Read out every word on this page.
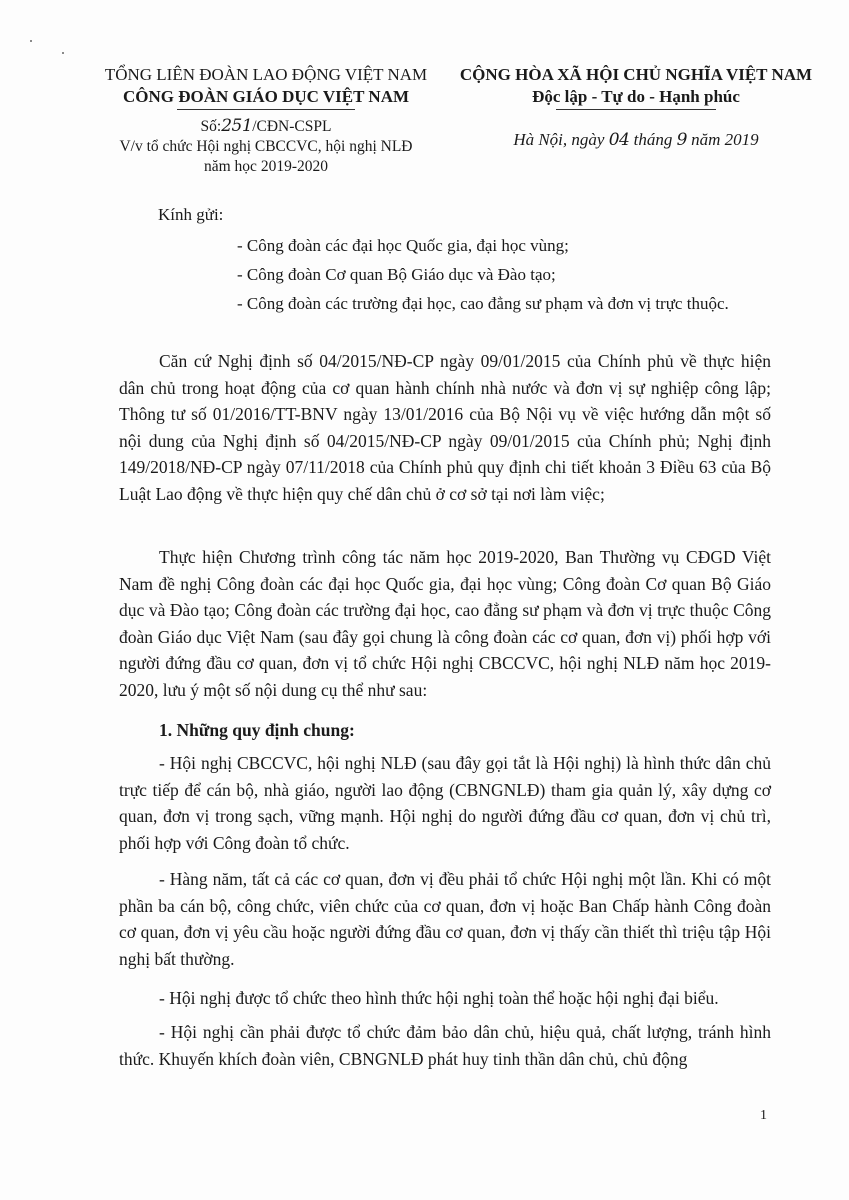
TỔNG LIÊN ĐOÀN LAO ĐỘNG VIỆT NAM
CÔNG ĐOÀN GIÁO DỤC VIỆT NAM
CỘNG HÒA XÃ HỘI CHỦ NGHĨA VIỆT NAM
Độc lập - Tự do - Hạnh phúc
Số:251/CĐN-CSPL
V/v tổ chức Hội nghị CBCCVC, hội nghị NLĐ
năm học 2019-2020
Hà Nội, ngày 04 tháng 9 năm 2019
Kính gửi:
- Công đoàn các đại học Quốc gia, đại học vùng;
- Công đoàn Cơ quan Bộ Giáo dục và Đào tạo;
- Công đoàn các trường đại học, cao đẳng sư phạm và đơn vị trực thuộc.

Căn cứ Nghị định số 04/2015/NĐ-CP ngày 09/01/2015 của Chính phủ về thực hiện dân chủ trong hoạt động của cơ quan hành chính nhà nước và đơn vị sự nghiệp công lập; Thông tư số 01/2016/TT-BNV ngày 13/01/2016 của Bộ Nội vụ về việc hướng dẫn một số nội dung của Nghị định số 04/2015/NĐ-CP ngày 09/01/2015 của Chính phủ; Nghị định 149/2018/NĐ-CP ngày 07/11/2018 của Chính phủ quy định chi tiết khoản 3 Điều 63 của Bộ Luật Lao động về thực hiện quy chế dân chủ ở cơ sở tại nơi làm việc;

Thực hiện Chương trình công tác năm học 2019-2020, Ban Thường vụ CĐGD Việt Nam đề nghị Công đoàn các đại học Quốc gia, đại học vùng; Công đoàn Cơ quan Bộ Giáo dục và Đào tạo; Công đoàn các trường đại học, cao đẳng sư phạm và đơn vị trực thuộc Công đoàn Giáo dục Việt Nam (sau đây gọi chung là công đoàn các cơ quan, đơn vị) phối hợp với người đứng đầu cơ quan, đơn vị tổ chức Hội nghị CBCCVC, hội nghị NLĐ năm học 2019-2020, lưu ý một số nội dung cụ thể như sau:

1. Những quy định chung:

- Hội nghị CBCCVC, hội nghị NLĐ (sau đây gọi tắt là Hội nghị) là hình thức dân chủ trực tiếp để cán bộ, nhà giáo, người lao động (CBNGNLĐ) tham gia quản lý, xây dựng cơ quan, đơn vị trong sạch, vững mạnh. Hội nghị do người đứng đầu cơ quan, đơn vị chủ trì, phối hợp với Công đoàn tổ chức.

- Hàng năm, tất cả các cơ quan, đơn vị đều phải tổ chức Hội nghị một lần. Khi có một phần ba cán bộ, công chức, viên chức của cơ quan, đơn vị hoặc Ban Chấp hành Công đoàn cơ quan, đơn vị yêu cầu hoặc người đứng đầu cơ quan, đơn vị thấy cần thiết thì triệu tập Hội nghị bất thường.

- Hội nghị được tổ chức theo hình thức hội nghị toàn thể hoặc hội nghị đại biểu.

- Hội nghị cần phải được tổ chức đảm bảo dân chủ, hiệu quả, chất lượng, tránh hình thức. Khuyến khích đoàn viên, CBNGNLĐ phát huy tinh thần dân chủ, chủ động

1
